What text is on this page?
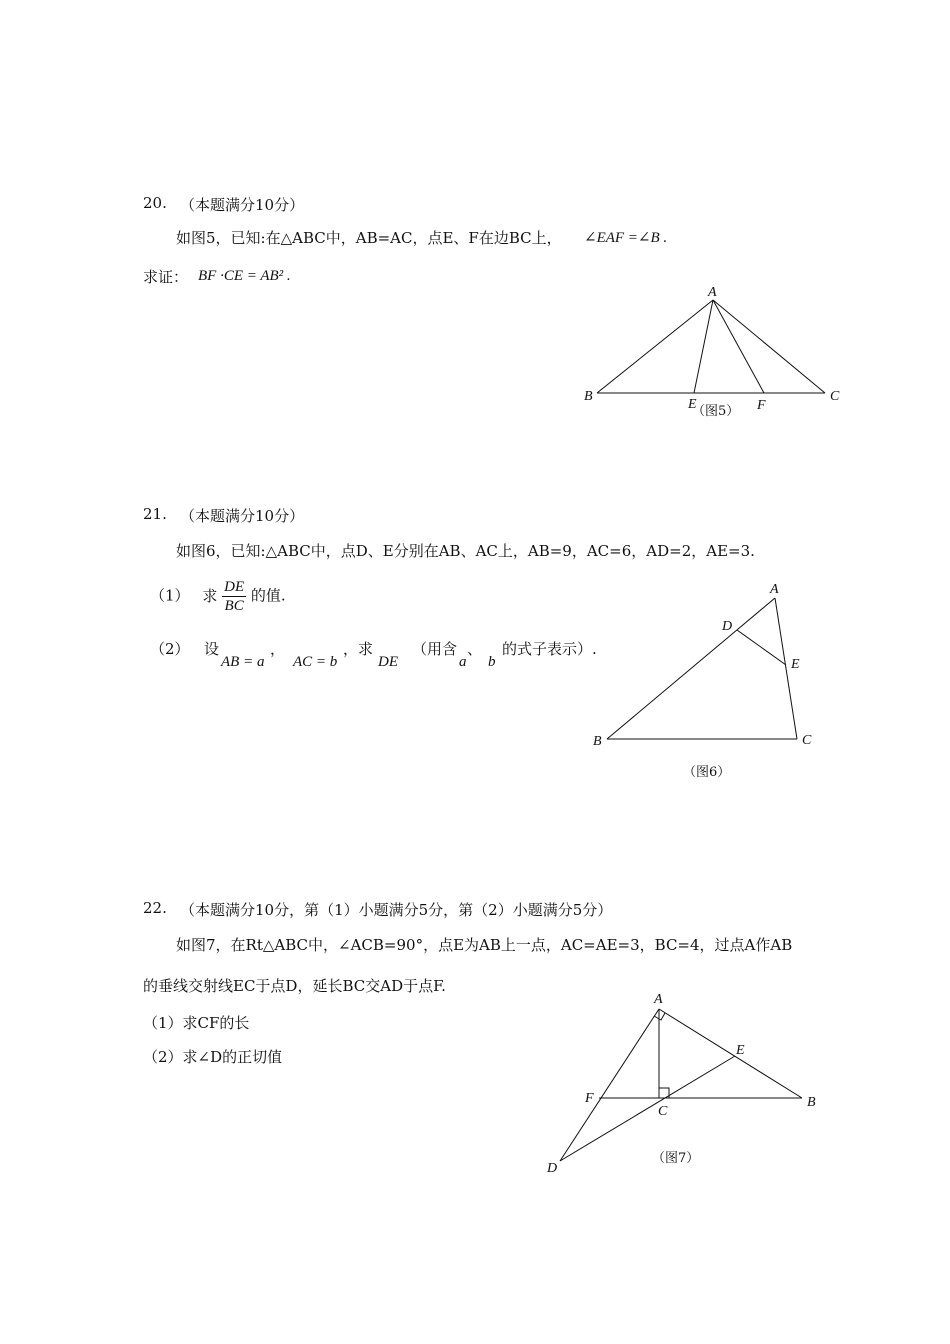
20. （本题满分10分）
如图5，已知:在△ABC中，AB=AC，点E、F在边BC上， ∠EAF =∠B .
求证： BF ·CE = AB² .
A
B	C
E	F
（图5）
21. （本题满分10分）
如图6，已知:△ABC中，点D、E分别在AB、AC上，AB=9，AC=6，AD=2，AE=3.
（1） 求 $\frac{DE}{BC}$ 的值.
（2） 设
AB = a
，
AC = b
，求
DE
（用含
a
、
b
的式子表示）.
A
D
E
B	C
（图6）
22. （本题满分10分，第（1）小题满分5分，第（2）小题满分5分）
如图7，在Rt△ABC中，∠ACB=90°，点E为AB上一点，AC=AE=3，BC=4，过点A作AB
的垂线交射线EC于点D，延长BC交AD于点F.
（1）求CF的长
（2）求∠D的正切值
A
E
F
C
B
D
（图7）
